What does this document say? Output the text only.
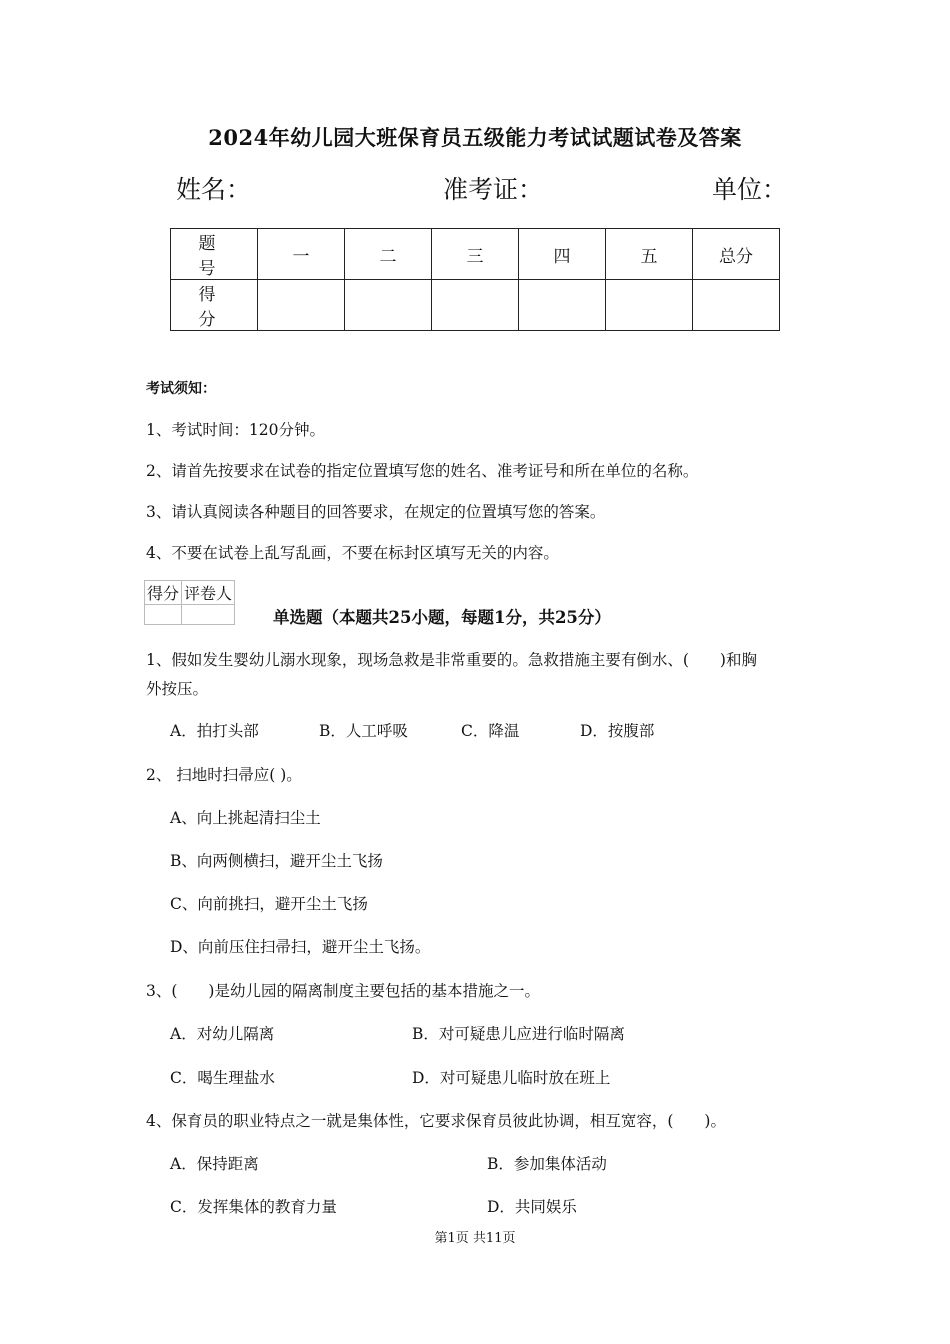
2024年幼儿园大班保育员五级能力考试试题试卷及答案
姓名：	准考证：	单位：
题　号	一	二	三	四	五	总分
得　分						
考试须知：
1、考试时间：120分钟。
2、请首先按要求在试卷的指定位置填写您的姓名、准考证号和所在单位的名称。
3、请认真阅读各种题目的回答要求，在规定的位置填写您的答案。
4、不要在试卷上乱写乱画，不要在标封区填写无关的内容。
得分	评卷人

单选题（本题共25小题，每题1分，共25分）
1、假如发生婴幼儿溺水现象，现场急救是非常重要的。急救措施主要有倒水、(　　)和胸
外按压。
A．拍打头部	B．人工呼吸	C．降温	D．按腹部
2、 扫地时扫帚应( )。
A、向上挑起清扫尘土
B、向两侧横扫，避开尘土飞扬
C、向前挑扫，避开尘土飞扬
D、向前压住扫帚扫，避开尘土飞扬。
3、(　　)是幼儿园的隔离制度主要包括的基本措施之一。
A．对幼儿隔离	B．对可疑患儿应进行临时隔离
C．喝生理盐水	D．对可疑患儿临时放在班上
4、保育员的职业特点之一就是集体性，它要求保育员彼此协调，相互宽容，(　　)。
A．保持距离	B．参加集体活动
C．发挥集体的教育力量	D．共同娱乐
第1页 共11页
